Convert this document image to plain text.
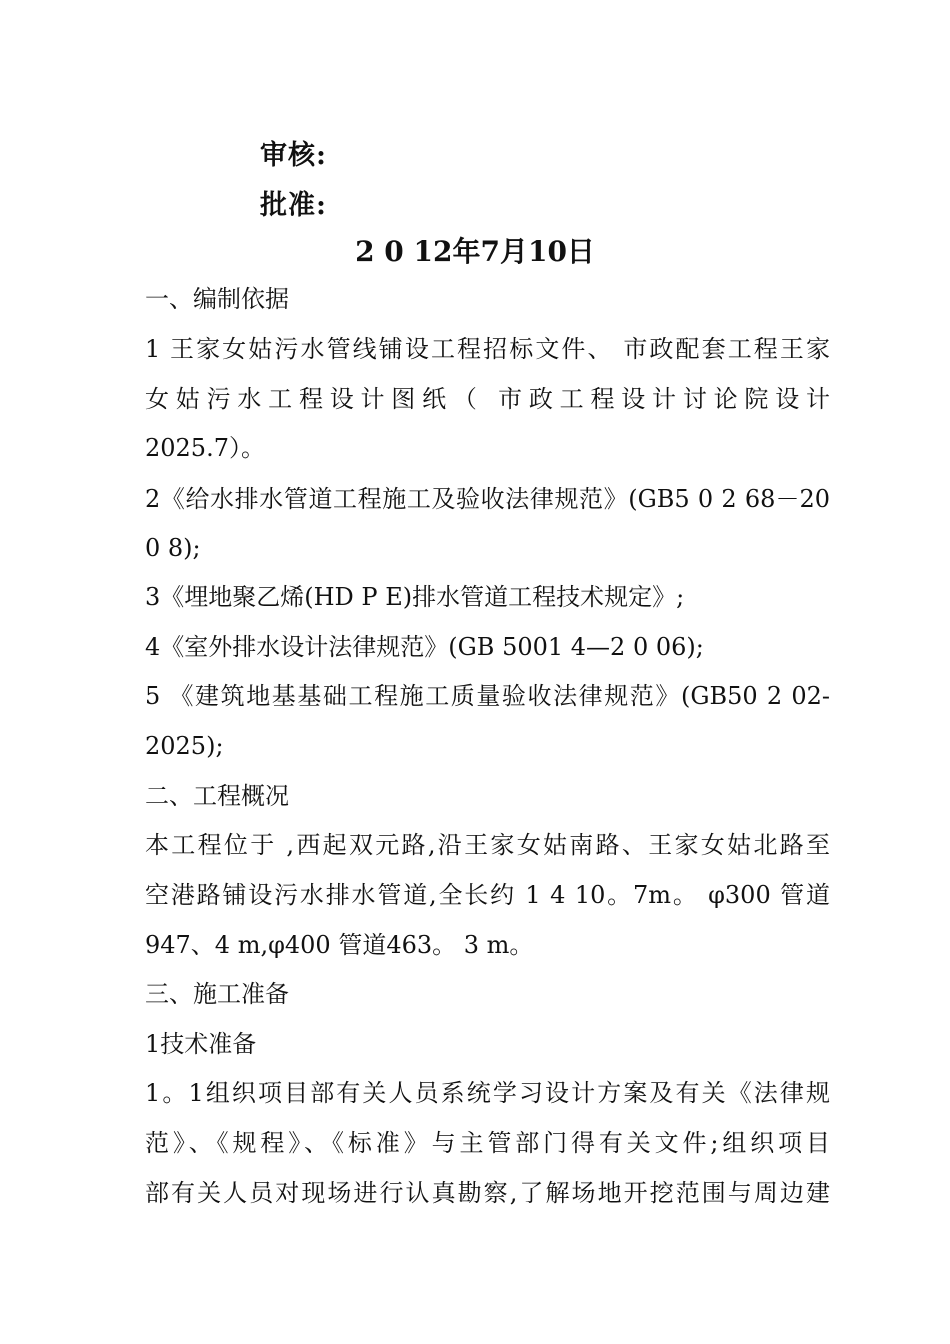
审核:
批准:
2 0 12年7月10日
一、编制依据
1 王家女姑污水管线铺设工程招标文件、 市政配套工程王家
女姑污水工程设计图纸（ 市政工程设计讨论院设计
2025.7）。
2《给水排水管道工程施工及验收法律规范》(GB5 0 2 68－20
0 8);
3《埋地聚乙烯(HD P E)排水管道工程技术规定》;
4《室外排水设计法律规范》(GB 5001 4—2 0 06);
5 《建筑地基基础工程施工质量验收法律规范》(GB50 2 02-
2025);
二、工程概况
本工程位于 ,西起双元路,沿王家女姑南路、王家女姑北路至
空港路铺设污水排水管道,全长约 1 4 10。7m。 φ300 管道
947、4 m,φ400 管道463。 3 m。
三、施工准备
1技术准备
1。1组织项目部有关人员系统学习设计方案及有关《法律规
范》、《规程》、《标准》与主管部门得有关文件;组织项目
部有关人员对现场进行认真勘察,了解场地开挖范围与周边建
